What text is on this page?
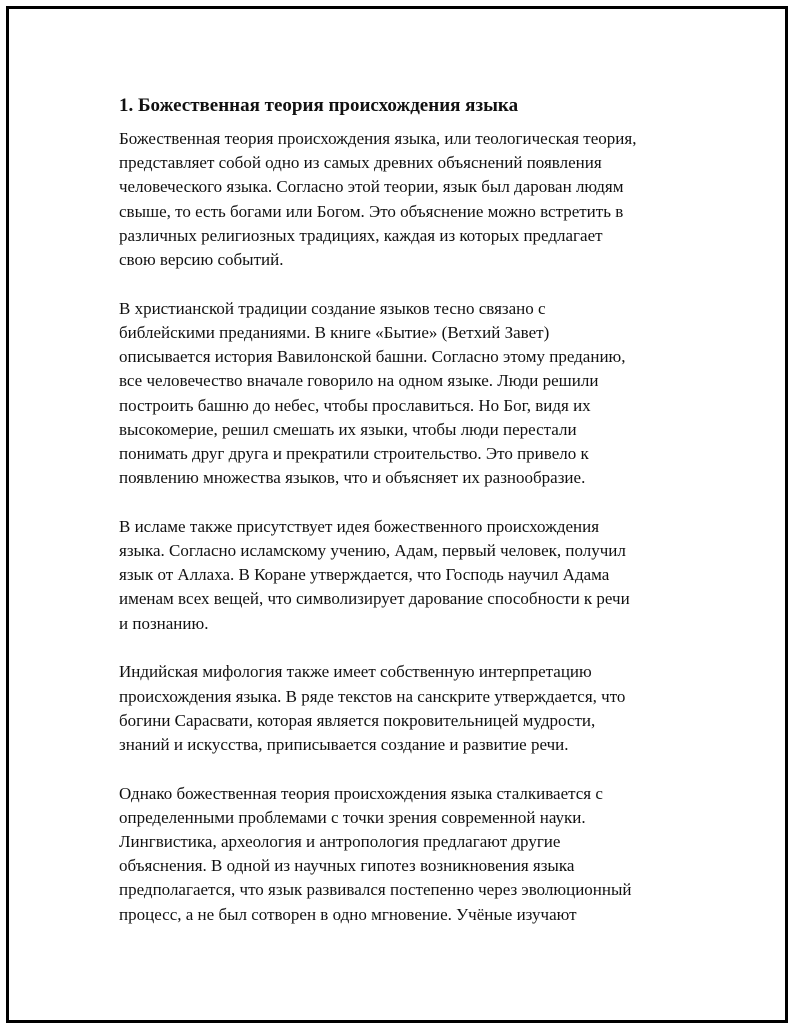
1. Божественная теория происхождения языка
Божественная теория происхождения языка, или теологическая теория,
представляет собой одно из самых древних объяснений появления
человеческого языка. Согласно этой теории, язык был дарован людям
свыше, то есть богами или Богом. Это объяснение можно встретить в
различных религиозных традициях, каждая из которых предлагает
свою версию событий.
В христианской традиции создание языков тесно связано с
библейскими преданиями. В книге «Бытие» (Ветхий Завет)
описывается история Вавилонской башни. Согласно этому преданию,
все человечество вначале говорило на одном языке. Люди решили
построить башню до небес, чтобы прославиться. Но Бог, видя их
высокомерие, решил смешать их языки, чтобы люди перестали
понимать друг друга и прекратили строительство. Это привело к
появлению множества языков, что и объясняет их разнообразие.
В исламе также присутствует идея божественного происхождения
языка. Согласно исламскому учению, Адам, первый человек, получил
язык от Аллаха. В Коране утверждается, что Господь научил Адама
именам всех вещей, что символизирует дарование способности к речи
и познанию.
Индийская мифология также имеет собственную интерпретацию
происхождения языка. В ряде текстов на санскрите утверждается, что
богини Сарасвати, которая является покровительницей мудрости,
знаний и искусства, приписывается создание и развитие речи.
Однако божественная теория происхождения языка сталкивается с
определенными проблемами с точки зрения современной науки.
Лингвистика, археология и антропология предлагают другие
объяснения. В одной из научных гипотез возникновения языка
предполагается, что язык развивался постепенно через эволюционный
процесс, а не был сотворен в одно мгновение. Учёные изучают
